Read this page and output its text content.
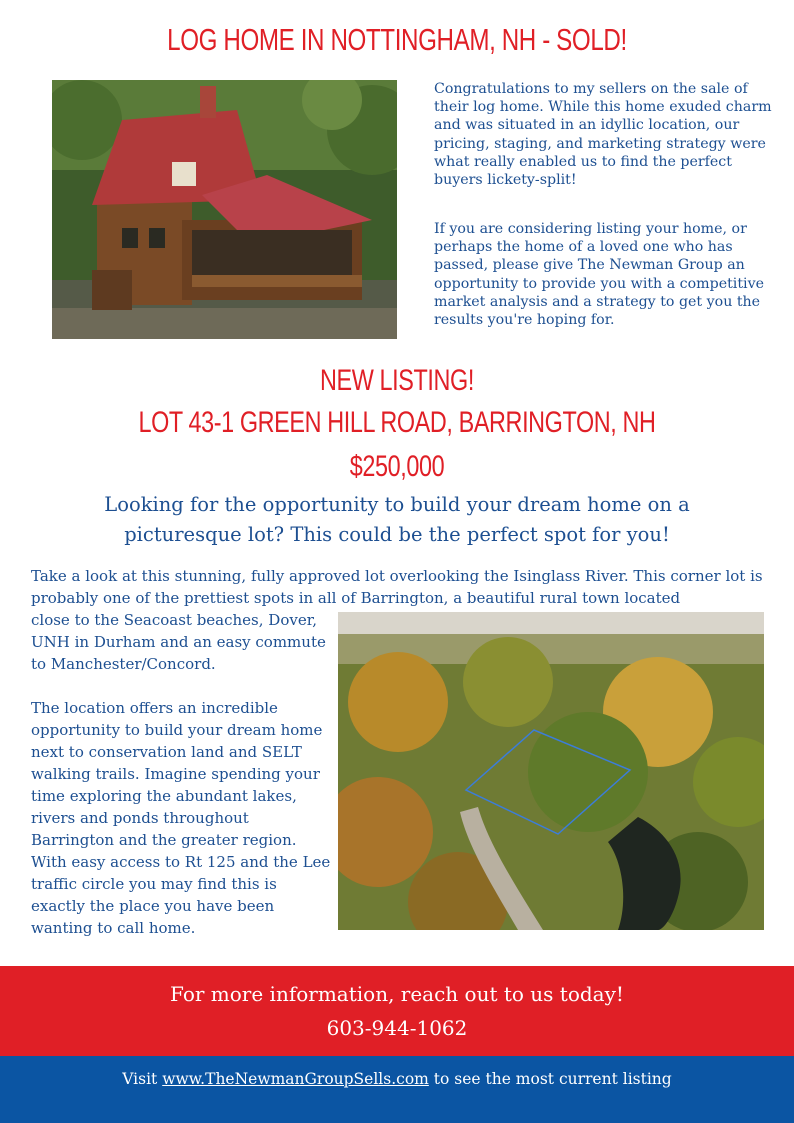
LOG HOME IN NOTTINGHAM, NH - SOLD!

Congratulations to my sellers on the sale of their log home. While this home exuded charm and was situated in an idyllic location, our pricing, staging, and marketing strategy were what really enabled us to find the perfect buyers lickety-split!

If you are considering listing your home, or perhaps the home of a loved one who has passed, please give The Newman Group an opportunity to provide you with a competitive market analysis and a strategy to get you the results you're hoping for.

NEW LISTING!
LOT 43-1 GREEN HILL ROAD, BARRINGTON, NH
$250,000

Looking for the opportunity to build your dream home on a picturesque lot? This could be the perfect spot for you!

Take a look at this stunning, fully approved lot overlooking the Isinglass River. This corner lot is probably one of the prettiest spots in all of Barrington, a beautiful rural town located

close to the Seacoast beaches, Dover, UNH in Durham and an easy commute to Manchester/Concord.

The location offers an incredible opportunity to build your dream home next to conservation land and SELT walking trails. Imagine spending your time exploring the abundant lakes, rivers and ponds throughout Barrington and the greater region. With easy access to Rt 125 and the Lee traffic circle you may find this is exactly the place you have been wanting to call home.

For more information, reach out to us today!

603-944-1062

Visit www.TheNewmanGroupSells.com to see the most current listing
